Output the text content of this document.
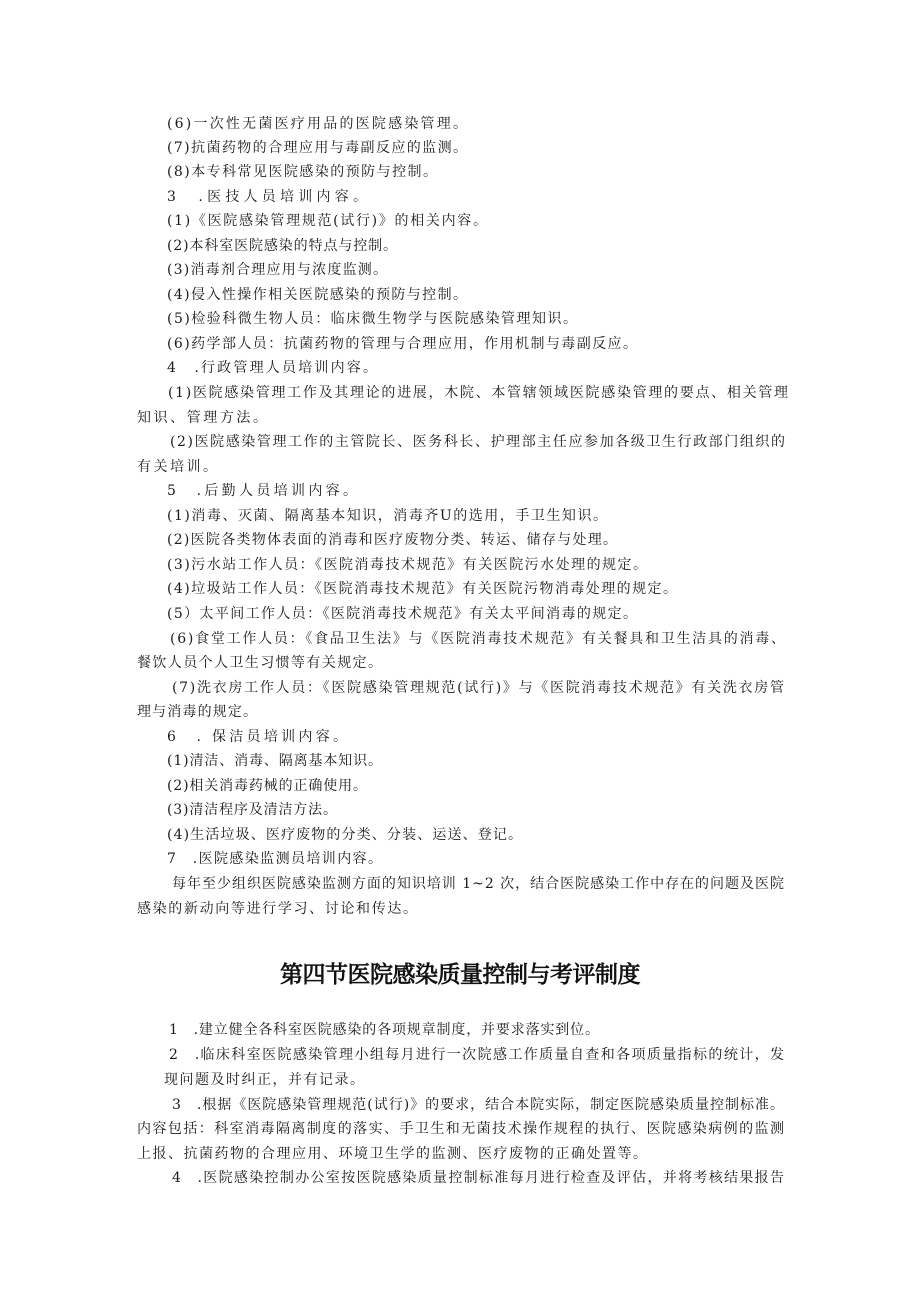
(6)一次性无菌医疗用品的医院感染管理。
(7)抗菌药物的合理应用与毒副反应的监测。
(8)本专科常见医院感染的预防与控制。
3　.医技人员培训内容。
(1)《医院感染管理规范(试行)》的相关内容。
(2)本科室医院感染的特点与控制。
(3)消毒剂合理应用与浓度监测。
(4)侵入性操作相关医院感染的预防与控制。
(5)检验科微生物人员：临床微生物学与医院感染管理知识。
(6)药学部人员：抗菌药物的管理与合理应用，作用机制与毒副反应。
4　.行政管理人员培训内容。
(1)医院感染管理工作及其理论的进展，木院、本管辖领域医院感染管理的要点、相关管理
知识、管理方法。
(2)医院感染管理工作的主管院长、医务科长、护理部主任应参加各级卫生行政部门组织的
有关培训。
5　.后勤人员培训内容。
(1)消毒、灭菌、隔离基本知识，消毒齐U的选用，手卫生知识。
(2)医院各类物体表面的消毒和医疗废物分类、转运、储存与处理。
(3)污水站工作人员：《医院消毒技术规范》有关医院污水处理的规定。
(4)垃圾站工作人员：《医院消毒技术规范》有关医院污物消毒处理的规定。
(5）太平间工作人员：《医院消毒技术规范》有关太平间消毒的规定。
(6)食堂工作人员：《食品卫生法》与《医院消毒技术规范》有关餐具和卫生洁具的消毒、
餐饮人员个人卫生习惯等有关规定。
(7)洗衣房工作人员：《医院感染管理规范(试行)》与《医院消毒技术规范》有关洗衣房管
理与消毒的规定。
6　. 保洁员培训内容。
(1)清洁、消毒、隔离基本知识。
(2)相关消毒药械的正确使用。
(3)清洁程序及清洁方法。
(4)生活垃圾、医疗废物的分类、分装、运送、登记。
7　.医院感染监测员培训内容。
每年至少组织医院感染监测方面的知识培训 1~2 次，结合医院感染工作中存在的问题及医院
感染的新动向等进行学习、讨论和传达。
第四节医院感染质量控制与考评制度
1　.建立健全各科室医院感染的各项规章制度，并要求落实到位。
2　.临床科室医院感染管理小组每月进行一次院感工作质量自查和各项质量指标的统计，发
现问题及时纠正，并有记录。
3　.根据《医院感染管理规范(试行)》的要求，结合本院实际，制定医院感染质量控制标准。
内容包括：科室消毒隔离制度的落实、手卫生和无菌技术操作规程的执行、医院感染病例的监测
上报、抗菌药物的合理应用、环境卫生学的监测、医疗废物的正确处置等。
4　.医院感染控制办公室按医院感染质量控制标准每月进行检查及评估，并将考核结果报告
